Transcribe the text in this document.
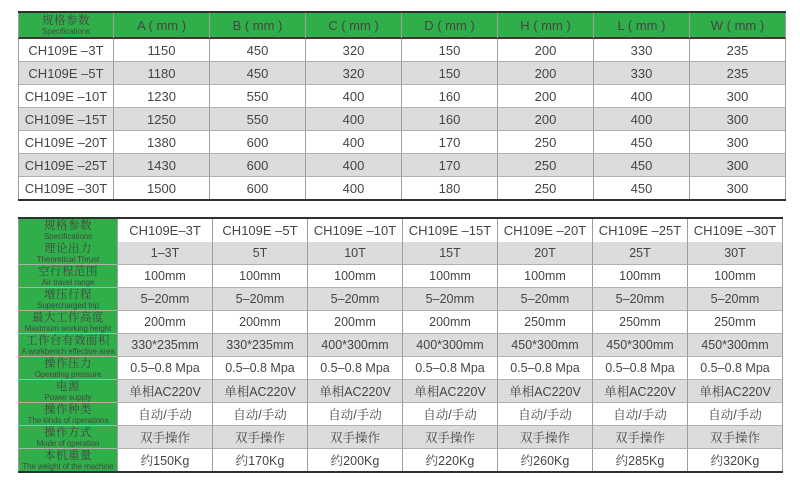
规格参数
Specifications	A ( mm )	B ( mm )	C ( mm )	D ( mm )	H ( mm )	L ( mm )	W ( mm )
CH109E –3T	1150	450	320	150	200	330	235
CH109E –5T	1180	450	320	150	200	330	235
CH109E –10T	1230	550	400	160	200	400	300
CH109E –15T	1250	550	400	160	200	400	300
CH109E –20T	1380	600	400	170	250	450	300
CH109E –25T	1430	600	400	170	250	450	300
CH109E –30T	1500	600	400	180	250	450	300
规格参数
Specifications	CH109E–3T	CH109E –5T	CH109E –10T	CH109E –15T	CH109E –20T	CH109E –25T	CH109E –30T

理论出力
Theoretical Thrust	1–3T	5T	10T	15T	20T	25T	30T

空行程范围
Air travel range	100mm	100mm	100mm	100mm	100mm	100mm	100mm

增压行程
Supercharged trip	5–20mm	5–20mm	5–20mm	5–20mm	5–20mm	5–20mm	5–20mm

最大工作高度
Maximum working height	200mm	200mm	200mm	200mm	250mm	250mm	250mm

工作台有效面积
A workbench effective area	330*235mm	330*235mm	400*300mm	400*300mm	450*300mm	450*300mm	450*300mm

操作压力
Operating pressure	0.5–0.8 Mpa	0.5–0.8 Mpa	0.5–0.8 Mpa	0.5–0.8 Mpa	0.5–0.8 Mpa	0.5–0.8 Mpa	0.5–0.8 Mpa

电源
Power supply	单相AC220V	单相AC220V	单相AC220V	单相AC220V	单相AC220V	单相AC220V	单相AC220V

操作种类
The kinds of operations	自动/手动	自动/手动	自动/手动	自动/手动	自动/手动	自动/手动	自动/手动

操作方式
Mode of operation	双手操作	双手操作	双手操作	双手操作	双手操作	双手操作	双手操作

本机重量
The weight of the machine	约150Kg	约170Kg	约200Kg	约220Kg	约260Kg	约285Kg	约320Kg
